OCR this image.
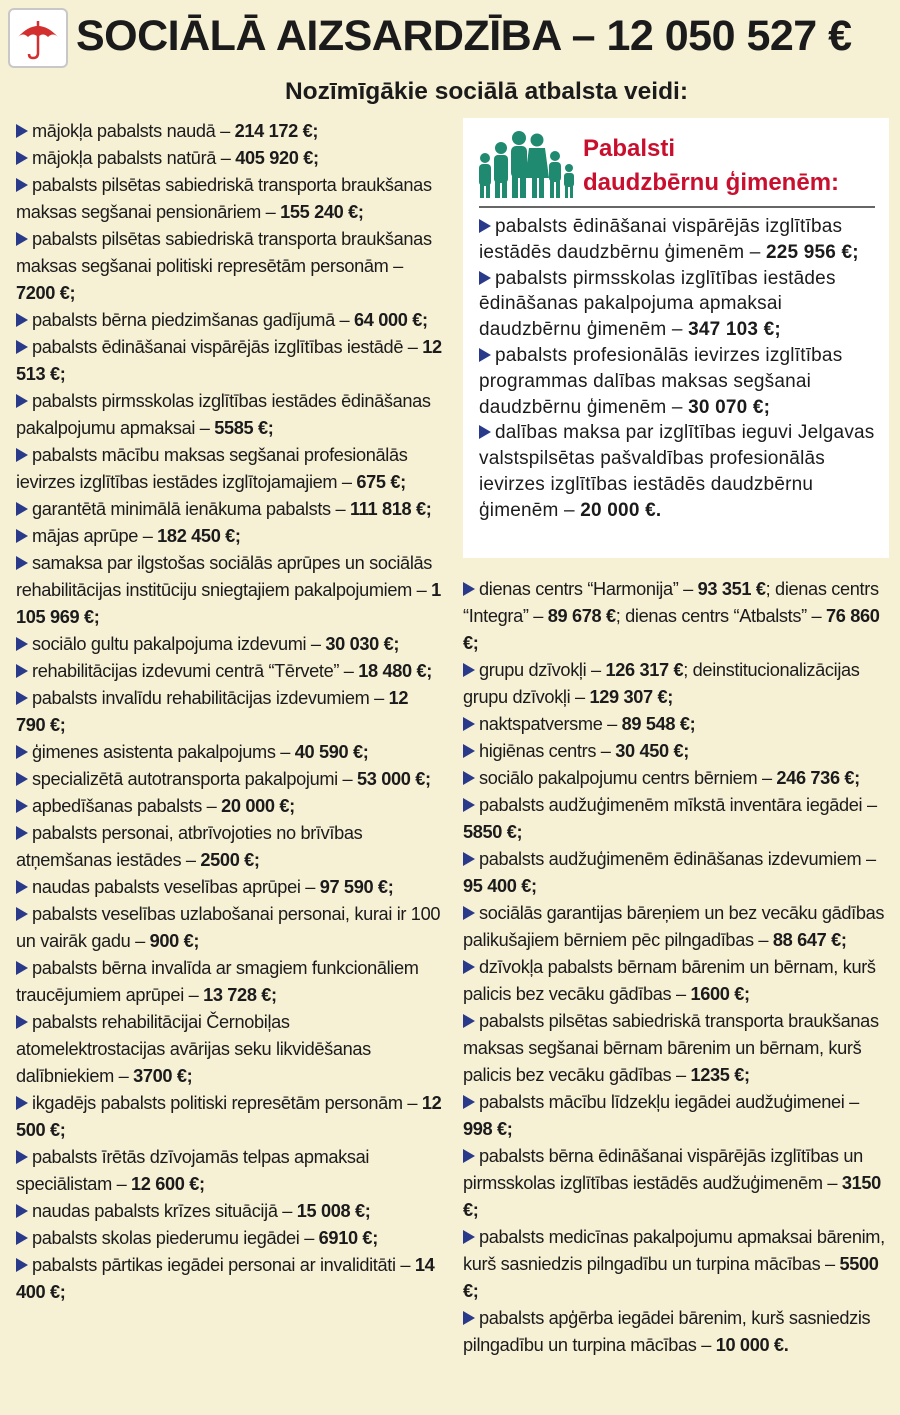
SOCIĀLĀ AIZSARDZĪBA – 12 050 527 €
Nozīmīgākie sociālā atbalsta veidi:

mājokļa pabalsts naudā – 214 172 €;

mājokļa pabalsts natūrā – 405 920 €;

pabalsts pilsētas sabiedriskā transporta braukšanas maksas segšanai pensionāriem – 155 240 €;

pabalsts pilsētas sabiedriskā transporta braukšanas maksas segšanai politiski represētām personām – 7200 €;

pabalsts bērna piedzimšanas gadījumā – 64 000 €;

pabalsts ēdināšanai vispārējās izglītības iestādē – 12 513 €;

pabalsts pirmsskolas izglītības iestādes ēdināšanas pakalpojumu apmaksai – 5585 €;

pabalsts mācību maksas segšanai profesionālās ievirzes izglītības iestādes izglītojamajiem – 675 €;

garantētā minimālā ienākuma pabalsts – 111 818 €;

mājas aprūpe – 182 450 €;

samaksa par ilgstošas sociālās aprūpes un sociālās rehabilitācijas institūciju sniegtajiem pakalpojumiem – 1 105 969 €;

sociālo gultu pakalpojuma izdevumi – 30 030 €;

rehabilitācijas izdevumi centrā “Tērvete” – 18 480 €;

pabalsts invalīdu rehabilitācijas izdevumiem – 12 790 €;

ģimenes asistenta pakalpojums – 40 590 €;

specializētā autotransporta pakalpojumi – 53 000 €;

apbedīšanas pabalsts – 20 000 €;

pabalsts personai, atbrīvojoties no brīvības atņemšanas iestādes – 2500 €;

naudas pabalsts veselības aprūpei – 97 590 €;

pabalsts veselības uzlabošanai personai, kurai ir 100 un vairāk gadu – 900 €;

pabalsts bērna invalīda ar smagiem funkcionāliem traucējumiem aprūpei – 13 728 €;

pabalsts rehabilitācijai Černobiļas atomelektrostacijas avārijas seku likvidēšanas dalībniekiem – 3700 €;

ikgadējs pabalsts politiski represētām personām – 12 500 €;

pabalsts īrētās dzīvojamās telpas apmaksai speciālistam – 12 600 €;

naudas pabalsts krīzes situācijā – 15 008 €;

pabalsts skolas piederumu iegādei – 6910 €;

pabalsts pārtikas iegādei personai ar invaliditāti – 14 400 €;

Pabalsti
daudzbērnu ģimenēm:

pabalsts ēdināšanai vispārējās izglītības iestādēs daudzbērnu ģimenēm – 225 956 €;

pabalsts pirmsskolas izglītības iestādes ēdināšanas pakalpojuma apmaksai daudzbērnu ģimenēm – 347 103 €;

pabalsts profesionālās ievirzes izglītības programmas dalības maksas segšanai daudzbērnu ģimenēm – 30 070 €;

dalības maksa par izglītības ieguvi Jelgavas valstspilsētas pašvaldības profesionālās ievirzes izglītības iestādēs daudzbērnu ģimenēm – 20 000 €.

dienas centrs “Harmonija” – 93 351 €; dienas centrs “Integra” – 89 678 €; dienas centrs “Atbalsts” – 76 860 €;

grupu dzīvokļi – 126 317 €; deinstitucionalizācijas grupu dzīvokļi – 129 307 €;

naktspatversme – 89 548 €;

higiēnas centrs – 30 450 €;

sociālo pakalpojumu centrs bērniem – 246 736 €;

pabalsts audžuģimenēm mīkstā inventāra iegādei – 5850 €;

pabalsts audžuģimenēm ēdināšanas izdevumiem – 95 400 €;

sociālās garantijas bāreņiem un bez vecāku gādības palikušajiem bērniem pēc pilngadības – 88 647 €;

dzīvokļa pabalsts bērnam bārenim un bērnam, kurš palicis bez vecāku gādības – 1600 €;

pabalsts pilsētas sabiedriskā transporta braukšanas maksas segšanai bērnam bārenim un bērnam, kurš palicis bez vecāku gādības – 1235 €;

pabalsts mācību līdzekļu iegādei audžuģimenei – 998 €;

pabalsts bērna ēdināšanai vispārējās izglītības un pirmsskolas izglītības iestādēs audžuģimenēm – 3150 €;

pabalsts medicīnas pakalpojumu apmaksai bārenim, kurš sasniedzis pilngadību un turpina mācības – 5500 €;

pabalsts apģērba iegādei bārenim, kurš sasniedzis pilngadību un turpina mācības – 10 000 €.
